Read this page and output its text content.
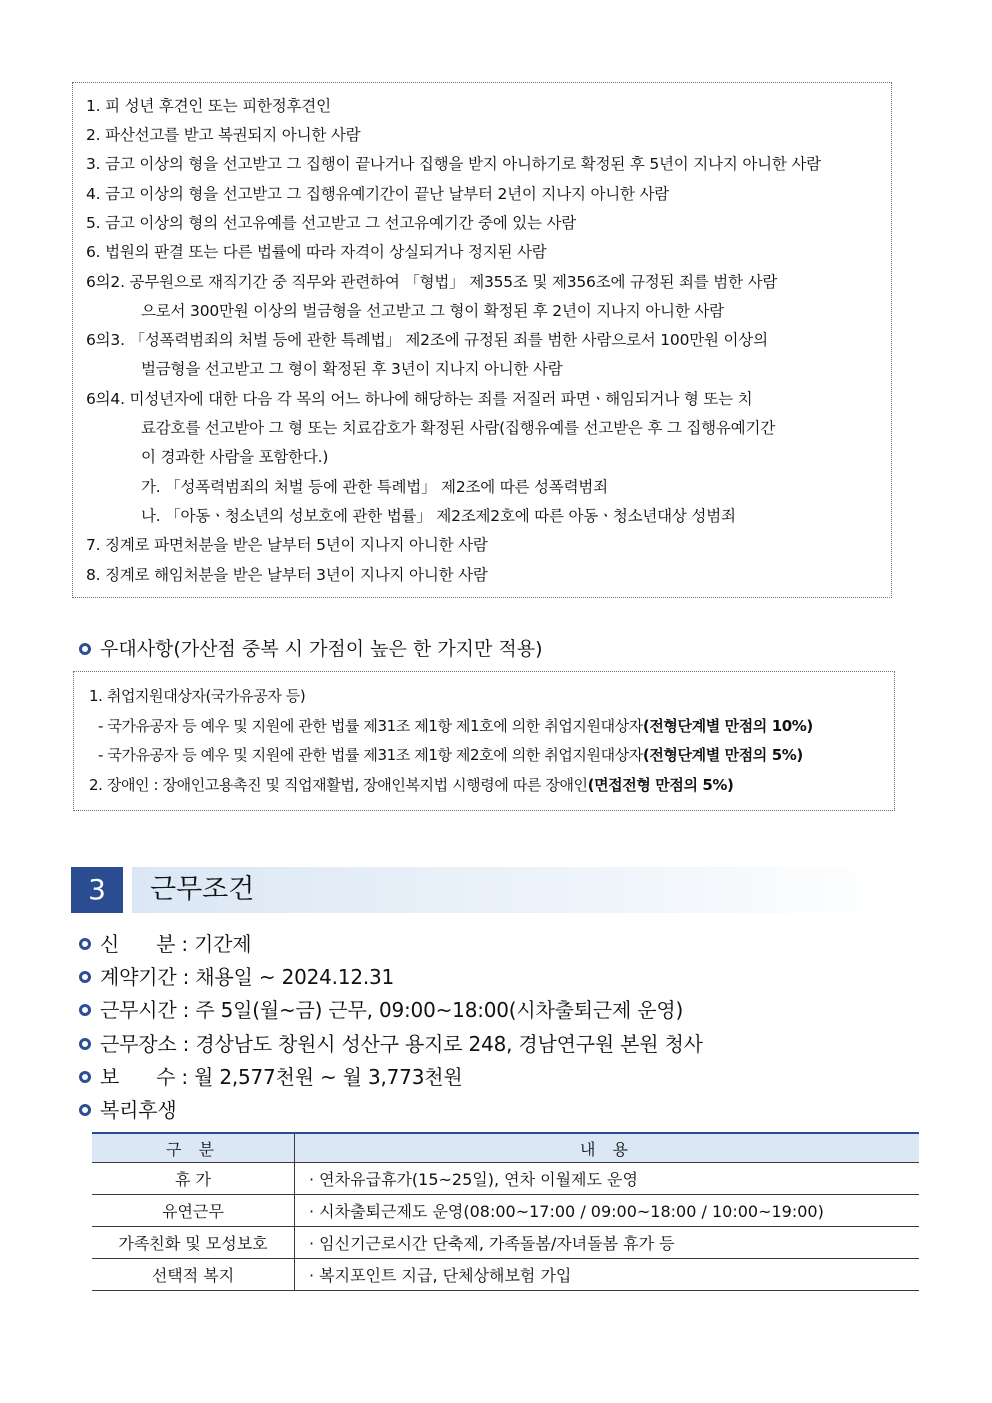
1. 피 성년 후견인 또는 피한정후견인
2. 파산선고를 받고 복권되지 아니한 사람
3. 금고 이상의 형을 선고받고 그 집행이 끝나거나 집행을 받지 아니하기로 확정된 후 5년이 지나지 아니한 사람
4. 금고 이상의 형을 선고받고 그 집행유예기간이 끝난 날부터 2년이 지나지 아니한 사람
5. 금고 이상의 형의 선고유예를 선고받고 그 선고유예기간 중에 있는 사람
6. 법원의 판결 또는 다른 법률에 따라 자격이 상실되거나 정지된 사람
6의2. 공무원으로 재직기간 중 직무와 관련하여 「형법」 제355조 및 제356조에 규정된 죄를 범한 사람
으로서 300만원 이상의 벌금형을 선고받고 그 형이 확정된 후 2년이 지나지 아니한 사람
6의3. 「성폭력범죄의 처벌 등에 관한 특례법」 제2조에 규정된 죄를 범한 사람으로서 100만원 이상의
벌금형을 선고받고 그 형이 확정된 후 3년이 지나지 아니한 사람
6의4. 미성년자에 대한 다음 각 목의 어느 하나에 해당하는 죄를 저질러 파면ㆍ해임되거나 형 또는 치
료감호를 선고받아 그 형 또는 치료감호가 확정된 사람(집행유예를 선고받은 후 그 집행유예기간
이 경과한 사람을 포함한다.)
가. 「성폭력범죄의 처벌 등에 관한 특례법」 제2조에 따른 성폭력범죄
나. 「아동ㆍ청소년의 성보호에 관한 법률」 제2조제2호에 따른 아동ㆍ청소년대상 성범죄
7. 징계로 파면처분을 받은 날부터 5년이 지나지 아니한 사람
8. 징계로 해임처분을 받은 날부터 3년이 지나지 아니한 사람
우대사항(가산점 중복 시 가점이 높은 한 가지만 적용)
1. 취업지원대상자(국가유공자 등)
- 국가유공자 등 예우 및 지원에 관한 법률 제31조 제1항 제1호에 의한 취업지원대상자(전형단계별 만점의 10%)
- 국가유공자 등 예우 및 지원에 관한 법률 제31조 제1항 제2호에 의한 취업지원대상자(전형단계별 만점의 5%)
2. 장애인 : 장애인고용촉진 및 직업재활법, 장애인복지법 시행령에 따른 장애인(면접전형 만점의 5%)
3	근무조건
신      분 : 기간제
계약기간 : 채용일 ~ 2024.12.31
근무시간 : 주 5일(월~금) 근무, 09:00~18:00(시차출퇴근제 운영)
근무장소 : 경상남도 창원시 성산구 용지로 248, 경남연구원 본원 청사
보      수 : 월 2,577천원 ~ 월 3,773천원
복리후생
구 분	내 용
휴 가	· 연차유급휴가(15~25일), 연차 이월제도 운영
유연근무	· 시차출퇴근제도 운영(08:00~17:00 / 09:00~18:00 / 10:00~19:00)
가족친화 및 모성보호	· 임신기근로시간 단축제, 가족돌봄/자녀돌봄 휴가 등
선택적 복지	· 복지포인트 지급, 단체상해보험 가입
